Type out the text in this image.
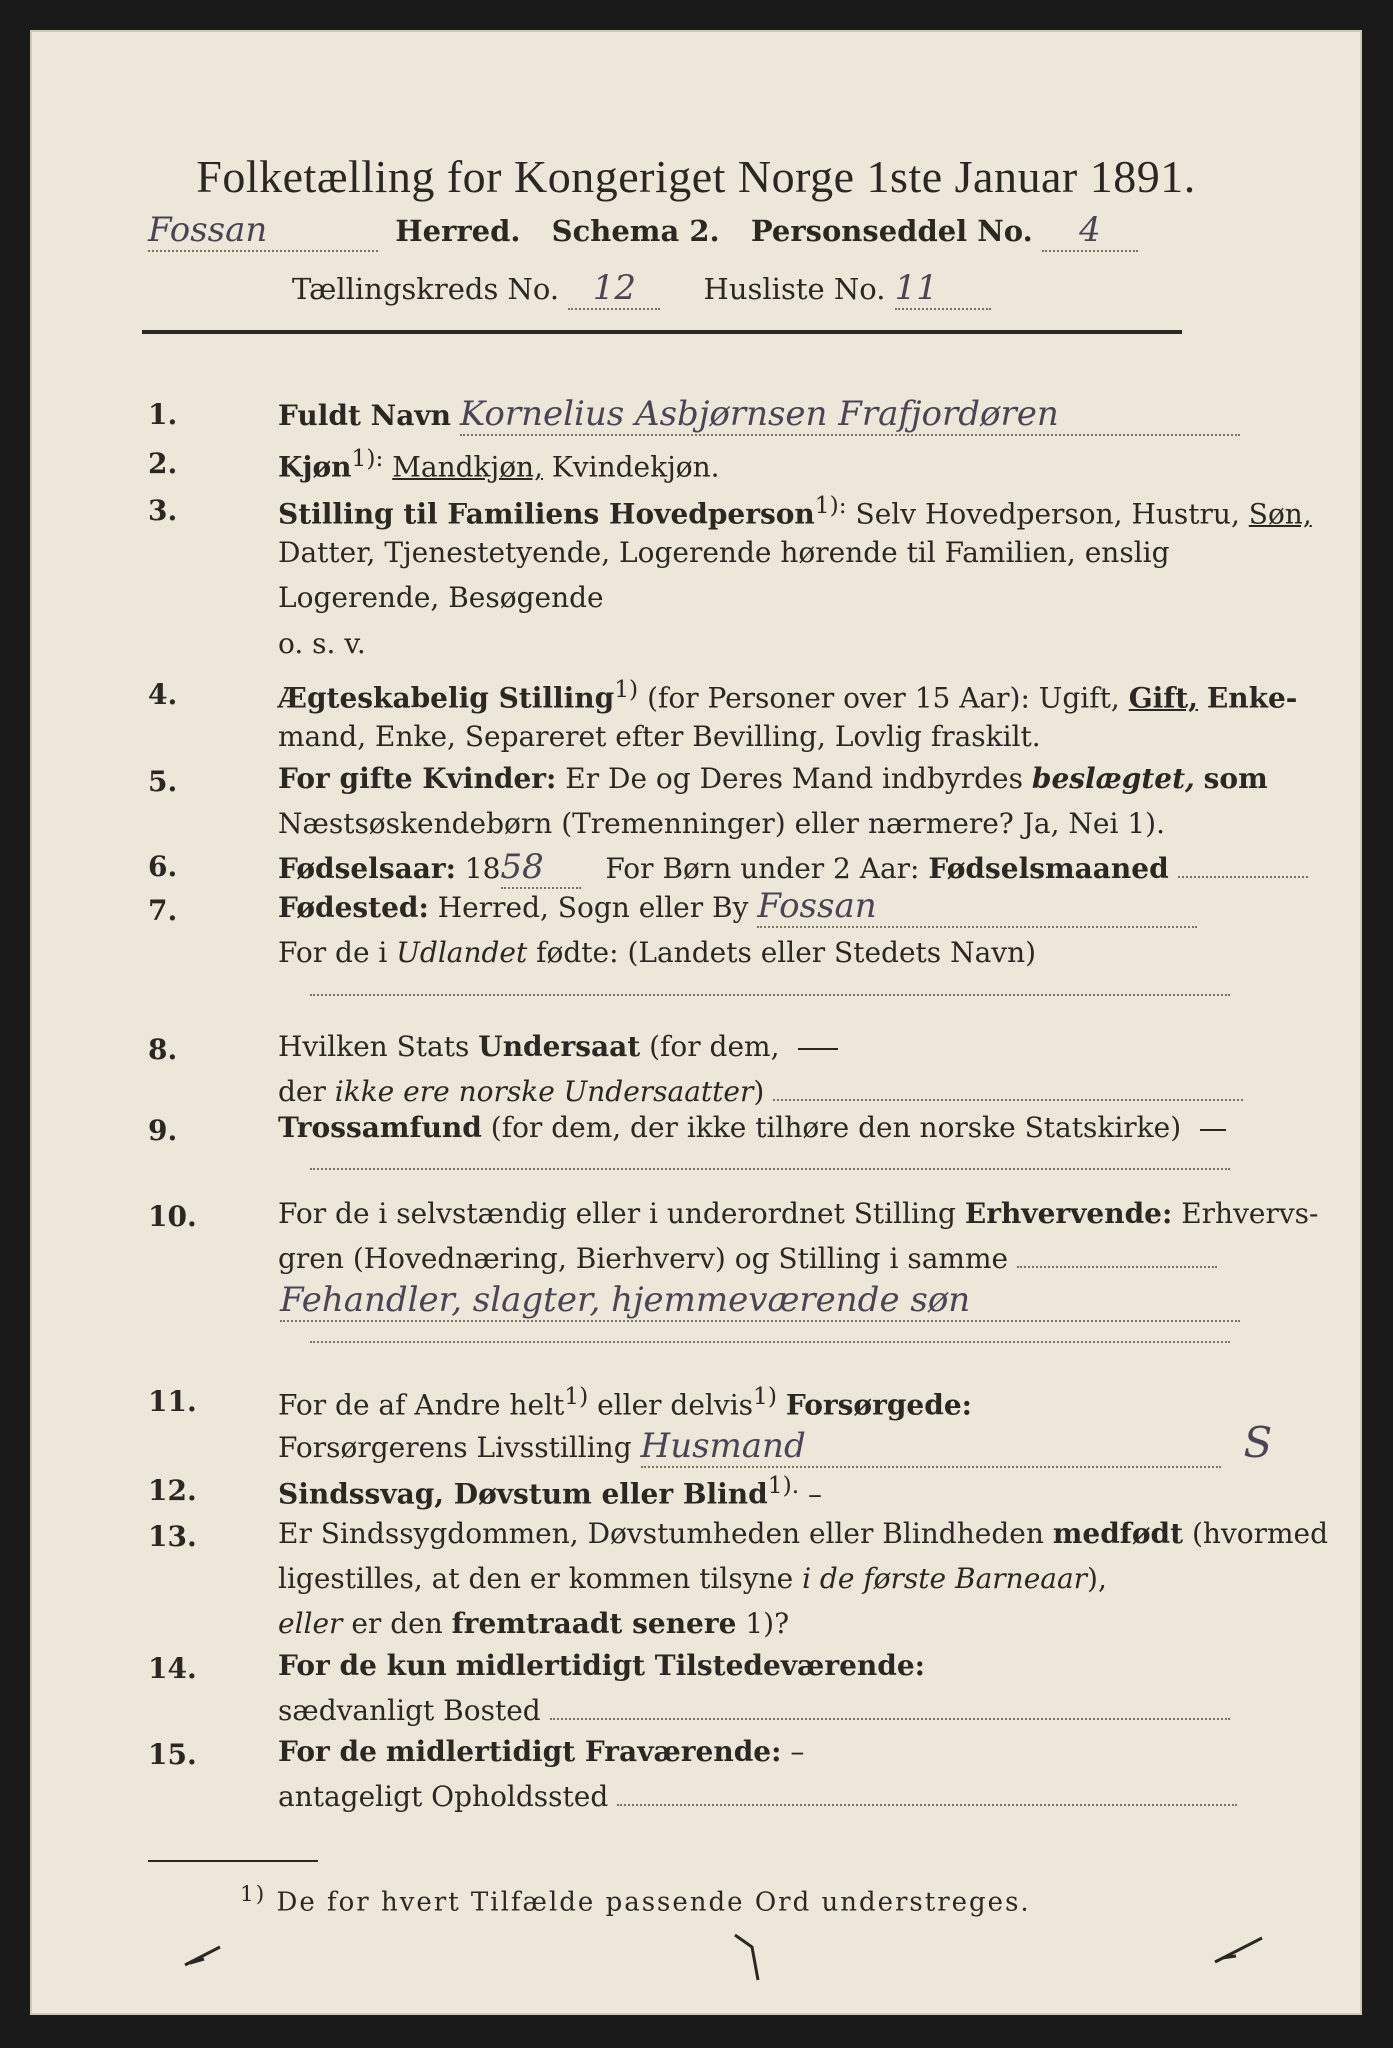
Folketælling for Kongeriget Norge 1ste Januar 1891.
Fossan	Herred. Schema 2. Personseddel No. 4
Tællingskreds No. 12 Husliste No. 11
1.	Fuldt Navn Kornelius Asbjørnsen Frafjordøren
2.	Kjøn$^{1):}$ Mandkjøn, Kvindekjøn.
3.	Stilling til Familiens Hovedperson$^{1):}$ Selv Hovedperson, Hustru, Søn,
Datter, Tjenestetyende, Logerende hørende til Familien, enslig
Logerende, Besøgende
o. s. v.
4.	Ægteskabelig Stilling$^{1)}$ (for Personer over 15 Aar): Ugift, Gift, Enke-
mand, Enke, Separeret efter Bevilling, Lovlig fraskilt.
5.	For gifte Kvinder: Er De og Deres Mand indbyrdes beslægtet, som
Næstsøskendebørn (Tremenninger) eller nærmere? Ja, Nei 1).
6.	Fødselsaar: 1858 For Børn under 2 Aar: Fødselsmaaned
7.	Fødested: Herred, Sogn eller By Fossan
For de i Udlandet fødte: (Landets eller Stedets Navn)
8.	Hvilken Stats Undersaat (for dem,
der ikke ere norske Undersaatter)
9.	Trossamfund (for dem, der ikke tilhøre den norske Statskirke)
10.	For de i selvstændig eller i underordnet Stilling Erhvervende: Erhvervs-
gren (Hovednæring, Bierhverv) og Stilling i samme
Fehandler, slagter, hjemmeværende søn
11.	For de af Andre helt$^{1)}$ eller delvis$^{1)}$ Forsørgede:
Forsørgerens Livsstilling Husmand	S
12.	Sindssvag, Døvstum eller Blind$^{1).}$ –
13.	Er Sindssygdommen, Døvstumheden eller Blindheden medfødt (hvormed
ligestilles, at den er kommen tilsyne i de første Barneaar),
eller er den fremtraadt senere 1)?
14.	For de kun midlertidigt Tilstedeværende:
sædvanligt Bosted
15.	For de midlertidigt Fraværende: –
antageligt Opholdssted
$^{1)}$ De for hvert Tilfælde passende Ord understreges.
